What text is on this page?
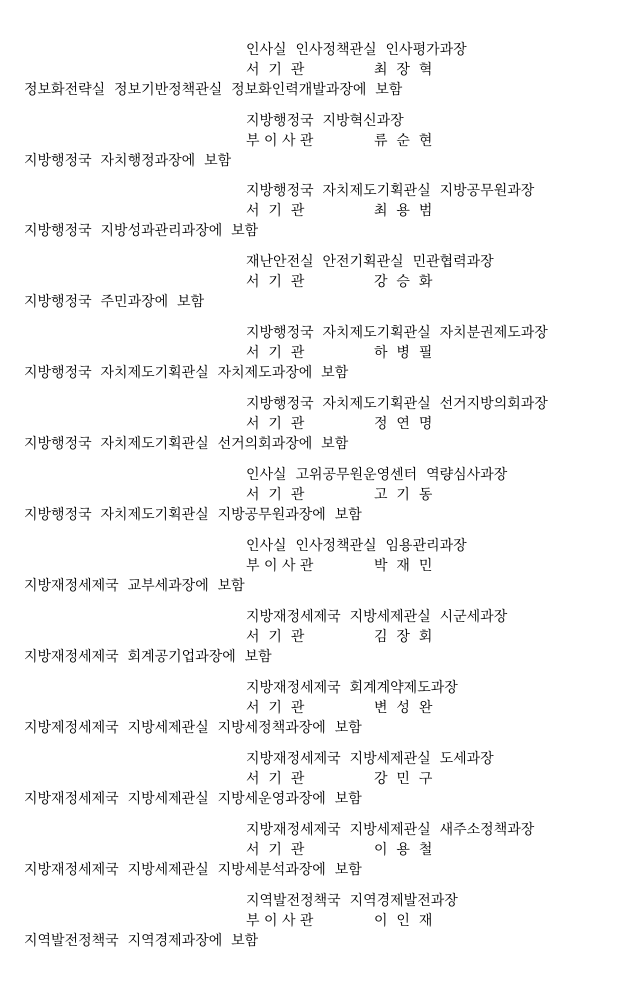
인사실  인사정책관실  인사평가과장
서  기  관	최  장  혁
정보화전략실  정보기반정책관실  정보화인력개발과장에  보함
지방행정국  지방혁신과장
부 이 사 관	류  순  현
지방행정국  자치행정과장에  보함
지방행정국  자치제도기획관실  지방공무원과장
서  기  관	최  용  범
지방행정국  지방성과관리과장에  보함
재난안전실  안전기획관실  민관협력과장
서  기  관	강  승  화
지방행정국  주민과장에  보함
지방행정국  자치제도기획관실  자치분권제도과장
서  기  관	하  병  필
지방행정국  자치제도기획관실  자치제도과장에  보함
지방행정국  자치제도기획관실  선거지방의회과장
서  기  관	정  연  명
지방행정국  자치제도기획관실  선거의회과장에  보함
인사실  고위공무원운영센터  역량심사과장
서  기  관	고  기  동
지방행정국  자치제도기획관실  지방공무원과장에  보함
인사실  인사정책관실  임용관리과장
부 이 사 관	박  재  민
지방재정세제국  교부세과장에  보함
지방재정세제국  지방세제관실  시군세과장
서  기  관	김  장  회
지방재정세제국  회계공기업과장에  보함
지방재정세제국  회계계약제도과장
서  기  관	변  성  완
지방제정세제국  지방세제관실  지방세정책과장에  보함
지방재정세제국  지방세제관실  도세과장
서  기  관	강  민  구
지방재정세제국  지방세제관실  지방세운영과장에  보함
지방재정세제국  지방세제관실  새주소정책과장
서  기  관	이  용  철
지방재정세제국  지방세제관실  지방세분석과장에  보함
지역발전정책국  지역경제발전과장
부 이 사 관	이  인  재
지역발전정책국  지역경제과장에  보함
